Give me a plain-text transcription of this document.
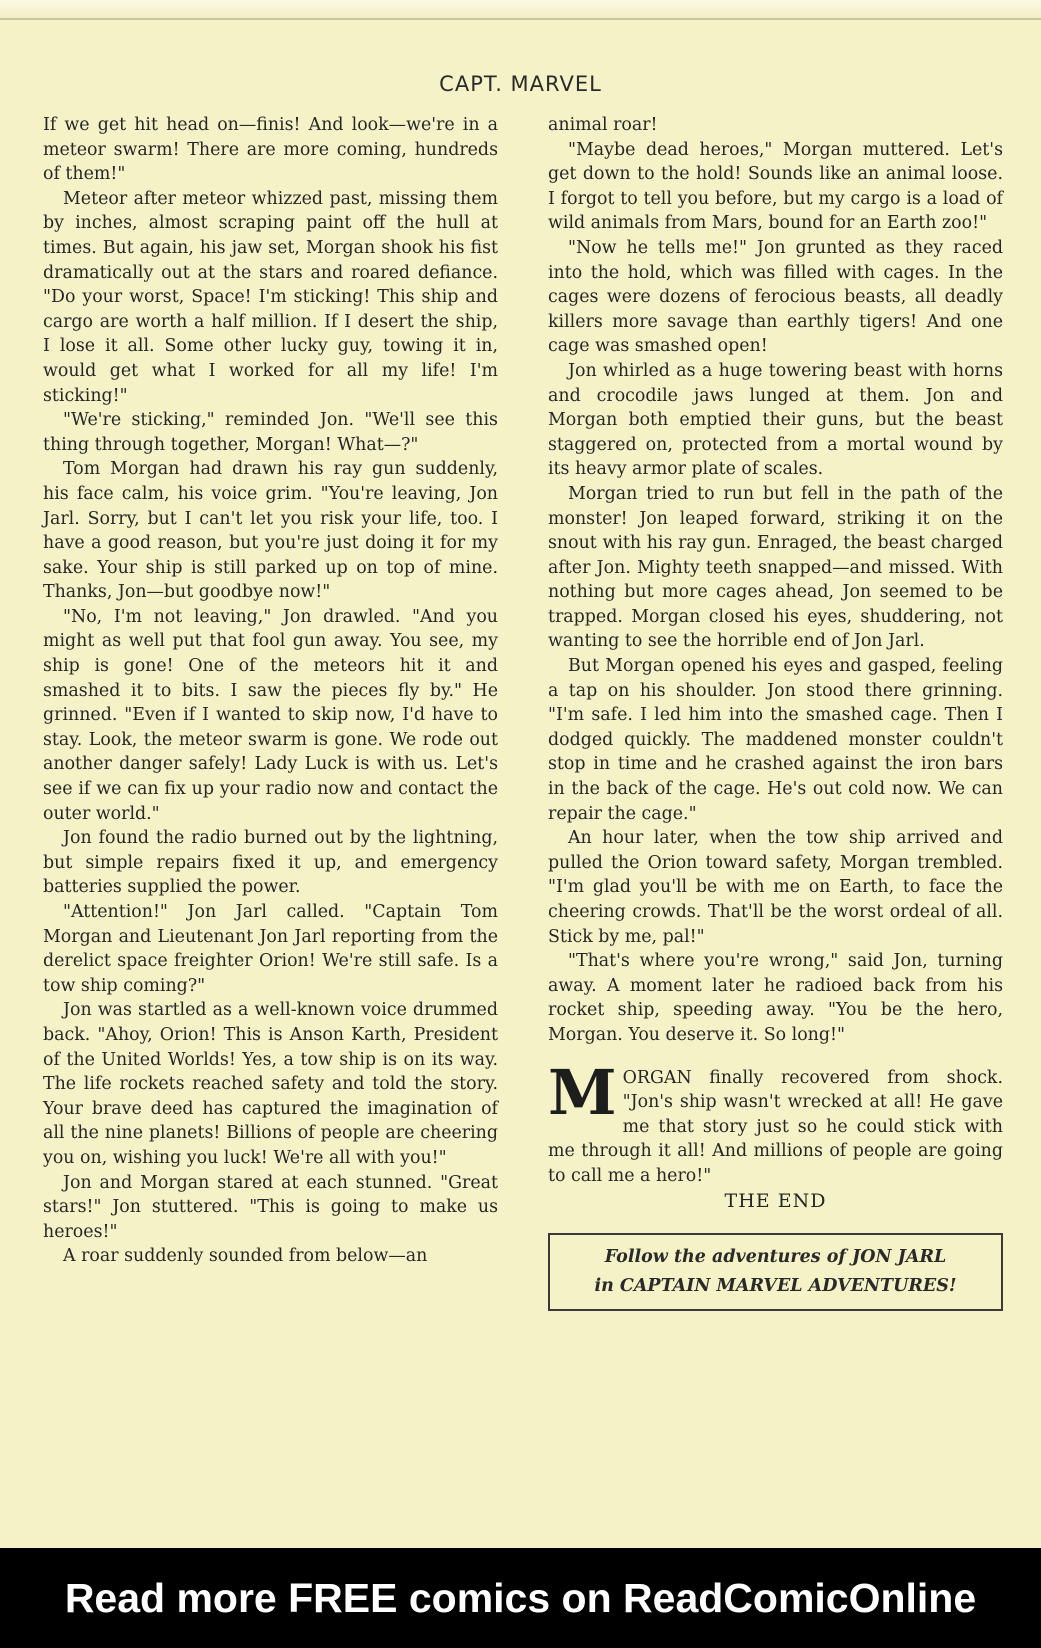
CAPT. MARVEL

If we get hit head on—finis! And look—we're in a meteor swarm! There are more coming, hundreds of them!"

Meteor after meteor whizzed past, missing them by inches, almost scraping paint off the hull at times. But again, his jaw set, Morgan shook his fist dramatically out at the stars and roared defiance. "Do your worst, Space! I'm sticking! This ship and cargo are worth a half million. If I desert the ship, I lose it all. Some other lucky guy, towing it in, would get what I worked for all my life! I'm sticking!"

"We're sticking," reminded Jon. "We'll see this thing through together, Morgan! What—?"

Tom Morgan had drawn his ray gun suddenly, his face calm, his voice grim. "You're leaving, Jon Jarl. Sorry, but I can't let you risk your life, too. I have a good reason, but you're just doing it for my sake. Your ship is still parked up on top of mine. Thanks, Jon—but goodbye now!"

"No, I'm not leaving," Jon drawled. "And you might as well put that fool gun away. You see, my ship is gone! One of the meteors hit it and smashed it to bits. I saw the pieces fly by." He grinned. "Even if I wanted to skip now, I'd have to stay. Look, the meteor swarm is gone. We rode out another danger safely! Lady Luck is with us. Let's see if we can fix up your radio now and contact the outer world."

Jon found the radio burned out by the lightning, but simple repairs fixed it up, and emergency batteries supplied the power.

"Attention!" Jon Jarl called. "Captain Tom Morgan and Lieutenant Jon Jarl reporting from the derelict space freighter Orion! We're still safe. Is a tow ship coming?"

Jon was startled as a well-known voice drummed back. "Ahoy, Orion! This is Anson Karth, President of the United Worlds! Yes, a tow ship is on its way. The life rockets reached safety and told the story. Your brave deed has captured the imagination of all the nine planets! Billions of people are cheering you on, wishing you luck! We're all with you!"

Jon and Morgan stared at each stunned. "Great stars!" Jon stuttered. "This is going to make us heroes!"

A roar suddenly sounded from below—an

animal roar!

"Maybe dead heroes," Morgan muttered. Let's get down to the hold! Sounds like an animal loose. I forgot to tell you before, but my cargo is a load of wild animals from Mars, bound for an Earth zoo!"

"Now he tells me!" Jon grunted as they raced into the hold, which was filled with cages. In the cages were dozens of ferocious beasts, all deadly killers more savage than earthly tigers! And one cage was smashed open!

Jon whirled as a huge towering beast with horns and crocodile jaws lunged at them. Jon and Morgan both emptied their guns, but the beast staggered on, protected from a mortal wound by its heavy armor plate of scales.

Morgan tried to run but fell in the path of the monster! Jon leaped forward, striking it on the snout with his ray gun. Enraged, the beast charged after Jon. Mighty teeth snapped—and missed. With nothing but more cages ahead, Jon seemed to be trapped. Morgan closed his eyes, shuddering, not wanting to see the horrible end of Jon Jarl.

But Morgan opened his eyes and gasped, feeling a tap on his shoulder. Jon stood there grinning. "I'm safe. I led him into the smashed cage. Then I dodged quickly. The maddened monster couldn't stop in time and he crashed against the iron bars in the back of the cage. He's out cold now. We can repair the cage."

An hour later, when the tow ship arrived and pulled the Orion toward safety, Morgan trembled. "I'm glad you'll be with me on Earth, to face the cheering crowds. That'll be the worst ordeal of all. Stick by me, pal!"

"That's where you're wrong," said Jon, turning away. A moment later he radioed back from his rocket ship, speeding away. "You be the hero, Morgan. You deserve it. So long!"

MORGAN finally recovered from shock. "Jon's ship wasn't wrecked at all! He gave me that story just so he could stick with me through it all! And millions of people are going to call me a hero!"

THE END

Follow the adventures of JON JARL
in CAPTAIN MARVEL ADVENTURES!
Read more FREE comics on ReadComicOnline
